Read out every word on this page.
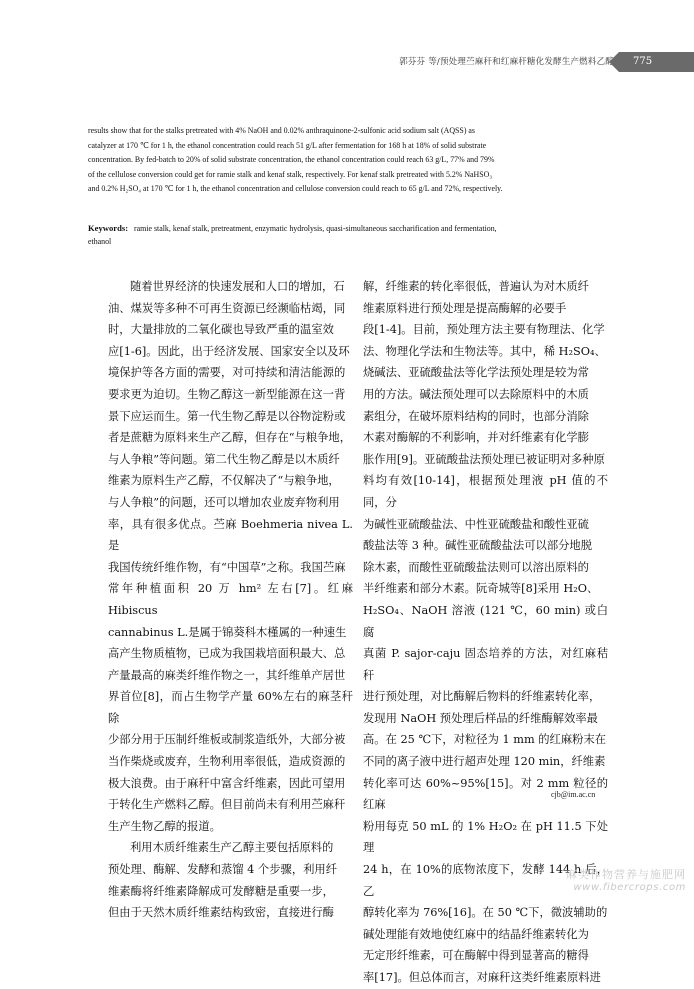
郭芬芬 等/预处理苎麻秆和红麻秆糖化发酵生产燃料乙醇	775
results show that for the stalks pretreated with 4% NaOH and 0.02% anthraquinone-2-sulfonic acid sodium salt (AQSS) as
catalyzer at 170 ℃ for 1 h, the ethanol concentration could reach 51 g/L after fermentation for 168 h at 18% of solid substrate
concentration. By fed-batch to 20% of solid substrate concentration, the ethanol concentration could reach 63 g/L, 77% and 79%
of the cellulose conversion could get for ramie stalk and kenaf stalk, respectively. For kenaf stalk pretreated with 5.2% NaHSO₃
and 0.2% H₂SO₄ at 170 ℃ for 1 h, the ethanol concentration and cellulose conversion could reach to 65 g/L and 72%, respectively.
Keywords: ramie stalk, kenaf stalk, pretreatment, enzymatic hydrolysis, quasi-simultaneous saccharification and fermentation,
ethanol
随着世界经济的快速发展和人口的增加，石
油、煤炭等多种不可再生资源已经濒临枯竭，同
时，大量排放的二氧化碳也导致严重的温室效
应[1-6]。因此，出于经济发展、国家安全以及环
境保护等各方面的需要，对可持续和清洁能源的
要求更为迫切。生物乙醇这一新型能源在这一背
景下应运而生。第一代生物乙醇是以谷物淀粉或
者是蔗糖为原料来生产乙醇，但存在“与粮争地，
与人争粮”等问题。第二代生物乙醇是以木质纤
维素为原料生产乙醇，不仅解决了“与粮争地，
与人争粮”的问题，还可以增加农业废弃物利用
率，具有很多优点。苎麻 Boehmeria nivea L.是
我国传统纤维作物，有“中国草”之称。我国苎麻
常年种植面积 20 万 hm² 左右[7]。红麻 Hibiscus
cannabinus L.是属于锦葵科木槿属的一种速生
高产生物质植物，已成为我国栽培面积最大、总
产量最高的麻类纤维作物之一，其纤维单产居世
界首位[8]，而占生物学产量 60%左右的麻茎秆除
少部分用于压制纤维板或制浆造纸外，大部分被
当作柴烧或废弃，生物利用率很低，造成资源的
极大浪费。由于麻秆中富含纤维素，因此可望用
于转化生产燃料乙醇。但目前尚未有利用苎麻秆
生产生物乙醇的报道。
利用木质纤维素生产乙醇主要包括原料的
预处理、酶解、发酵和蒸馏 4 个步骤，利用纤
维素酶将纤维素降解成可发酵糖是重要一步，
但由于天然木质纤维素结构致密，直接进行酶
解，纤维素的转化率很低，普遍认为对木质纤
维素原料进行预处理是提高酶解的必要手
段[1-4]。目前，预处理方法主要有物理法、化学
法、物理化学法和生物法等。其中，稀 H₂SO₄、
烧碱法、亚硫酸盐法等化学法预处理是较为常
用的方法。碱法预处理可以去除原料中的木质
素组分，在破坏原料结构的同时，也部分消除
木素对酶解的不利影响，并对纤维素有化学膨
胀作用[9]。亚硫酸盐法预处理已被证明对多种原
料均有效[10-14]，根据预处理液 pH 值的不同，分
为碱性亚硫酸盐法、中性亚硫酸盐和酸性亚硫
酸盐法等 3 种。碱性亚硫酸盐法可以部分地脱
除木素，而酸性亚硫酸盐法则可以溶出原料的
半纤维素和部分木素。阮奇城等[8]采用 H₂O、
H₂SO₄、NaOH 溶液 (121 ℃，60 min) 或白腐
真菌 P. sajor-caju 固态培养的方法，对红麻秸秆
进行预处理，对比酶解后物料的纤维素转化率，
发现用 NaOH 预处理后样品的纤维酶解效率最
高。在 25 ℃下，对粒径为 1 mm 的红麻粉末在
不同的离子液中进行超声处理 120 min，纤维素
转化率可达 60%~95%[15]。对 2 mm 粒径的红麻
粉用每克 50 mL 的 1% H₂O₂ 在 pH 11.5 下处理
24 h，在 10%的底物浓度下，发酵 144 h 后，乙
醇转化率为 76%[16]。在 50 ℃下，微波辅助的
碱处理能有效地使红麻中的结晶纤维素转化为
无定形纤维素，可在酶解中得到显著高的糖得
率[17]。但总体而言，对麻秆这类纤维素原料进
cjb@im.ac.cn
麻类作物营养与施肥网
www.fibercrops.com
